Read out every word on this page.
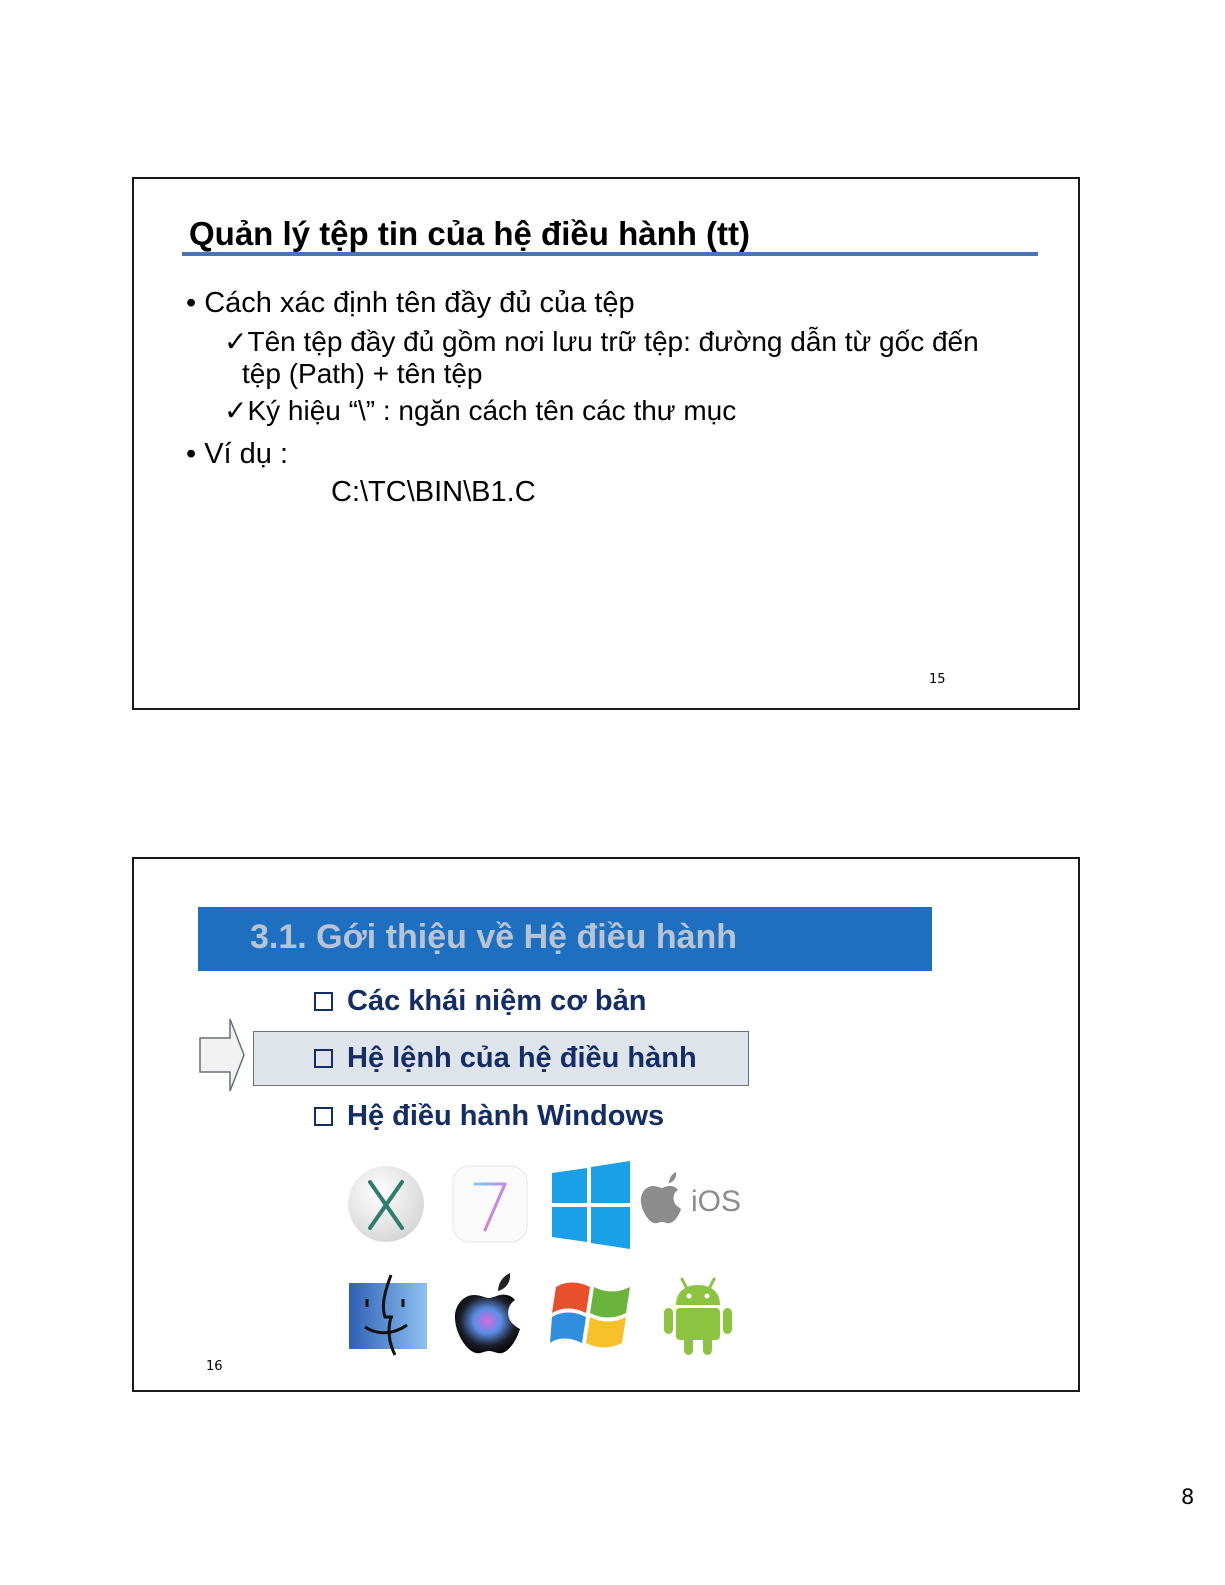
Quản lý tệp tin của hệ điều hành (tt)
• Cách xác định tên đầy đủ của tệp
✓Tên tệp đầy đủ gồm nơi lưu trữ tệp: đường dẫn từ gốc đến
tệp (Path) + tên tệp
✓Ký hiệu “\” : ngăn cách tên các thư mục
• Ví dụ :
C:\TC\BIN\B1.C
15
3.1. Gới thiệu về Hệ điều hành
Các khái niệm cơ bản
Hệ lệnh của hệ điều hành
Hệ điều hành Windows
iOS
16
8
